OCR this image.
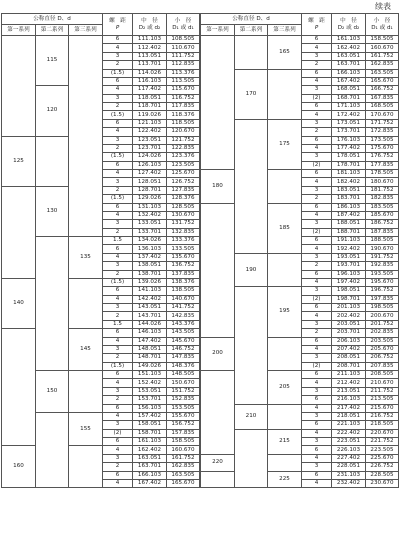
续表
公称直径 D、d			螺　距
P	中　径
D₂ 或 d₂	小　径
D₁ 或 d₁
第一系列	第二系列	第三系列			
	115		6	111.103	108.505
			4	112.402	110.670
			3	113.051	111.752
			2	113.701	112.835
			(1.5)	114.026	113.376
			6	116.103	113.505
	120		4	117.402	115.670
			3	118.051	116.752
			2	118.701	117.835
			(1.5)	119.026	118.376
			6	121.103	118.505
			4	122.402	120.670
125			3	123.051	121.752
			2	123.701	122.835
			(1.5)	124.026	123.376
			6	126.103	123.505
			4	127.402	125.670
			3	128.051	126.752
	130		2	128.701	127.835
			(1.5)	129.026	128.376
			6	131.103	128.505
			4	132.402	130.670
			3	133.051	131.752
			2	133.701	132.835
		135	1.5	134.026	133.376
			6	136.103	133.505
			4	137.402	135.670
			3	138.051	136.752
			2	138.701	137.835
140			(1.5)	139.026	138.376
			6	141.103	138.505
			4	142.402	140.670
			3	143.051	141.752
			2	143.701	142.835
			1.5	144.026	143.376
		145	6	146.103	143.505
			4	147.402	145.670
			3	148.051	146.752
			2	148.701	147.835
			(1.5)	149.026	148.376
	150		6	151.103	148.505
			4	152.402	150.670
			3	153.051	151.752
			2	153.701	152.835
			6	156.103	153.505
		155	4	157.402	155.670
			3	158.051	156.752
			(2)	158.701	157.835
			6	161.103	158.505
160			4	162.402	160.670
			3	163.051	161.752
			2	163.701	162.835
			6	166.103	163.505
			4	167.402	165.670
公称直径 D、d			螺　距
P	中　径
D₂ 或 d₂	小　径
D₁ 或 d₁
第一系列	第二系列	第三系列			
		165	6	161.103	158.505
			4	162.402	160.670
			3	163.051	161.752
			2	163.701	162.835
	170		6	166.103	163.505
			4	167.402	165.670
			3	168.051	166.752
			(2)	168.701	167.835
			6	171.103	168.505
			4	172.402	170.670
		175	3	173.051	171.752
			2	173.701	172.835
			6	176.103	173.505
			4	177.402	175.670
			3	178.051	176.752
			(2)	178.701	177.835
180			6	181.103	178.505
			4	182.402	180.670
			3	183.051	181.752
			2	183.701	182.835
		185	6	186.103	183.505
			4	187.402	185.670
			3	188.051	186.752
			(2)	188.701	187.835
			6	191.103	188.505
			4	192.402	190.670
	190		3	193.051	191.752
			2	193.701	192.835
			6	196.103	193.505
			4	197.402	195.670
		195	3	198.051	196.752
			(2)	198.701	197.835
			6	201.103	198.505
			4	202.402	200.670
			3	203.051	201.752
			2	203.701	202.835
200			6	206.103	203.505
			4	207.402	205.670
			3	208.051	206.752
			(2)	208.701	207.835
		205	6	211.103	208.505
			4	212.402	210.670
			3	213.051	211.752
			6	216.103	213.505
	210		4	217.402	215.670
			3	218.051	216.752
			6	221.103	218.505
		215	4	222.402	220.670
			3	223.051	221.752
			6	226.103	223.505
220			4	227.402	225.670
			3	228.051	226.752
		225	6	231.103	228.505
			4	232.402	230.670
